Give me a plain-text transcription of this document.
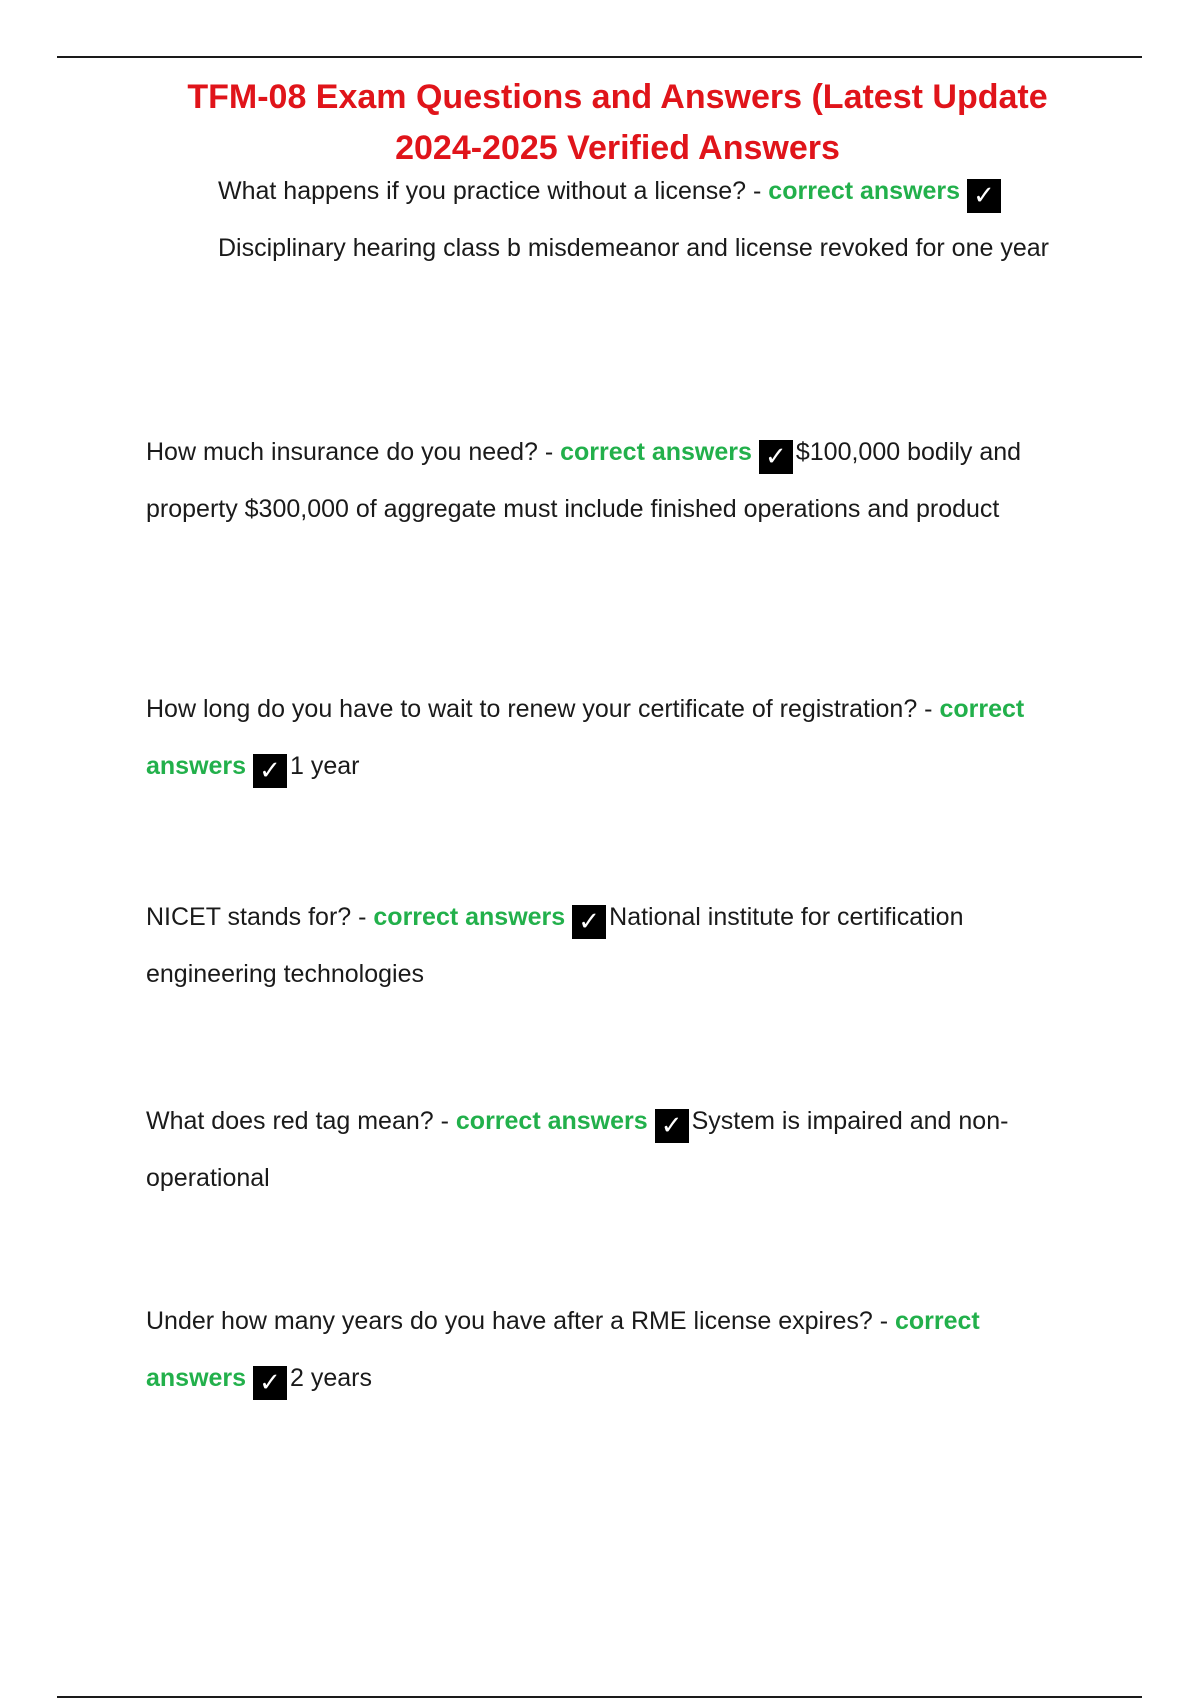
TFM-08 Exam Questions and Answers (Latest Update
2024-2025 Verified Answers
What happens if you practice without a license? - correct answers ✓Disciplinary hearing class b misdemeanor and license revoked for one year
How much insurance do you need? - correct answers ✓ $100,000 bodily and property $300,000 of aggregate must include finished operations and product
How long do you have to wait to renew your certificate of registration? - correct answers ✓ 1 year
NICET stands for? - correct answers ✓ National institute for certification engineering technologies
What does red tag mean? - correct answers ✓ System is impaired and non-operational
Under how many years do you have after a RME license expires? - correct answers ✓ 2 years
